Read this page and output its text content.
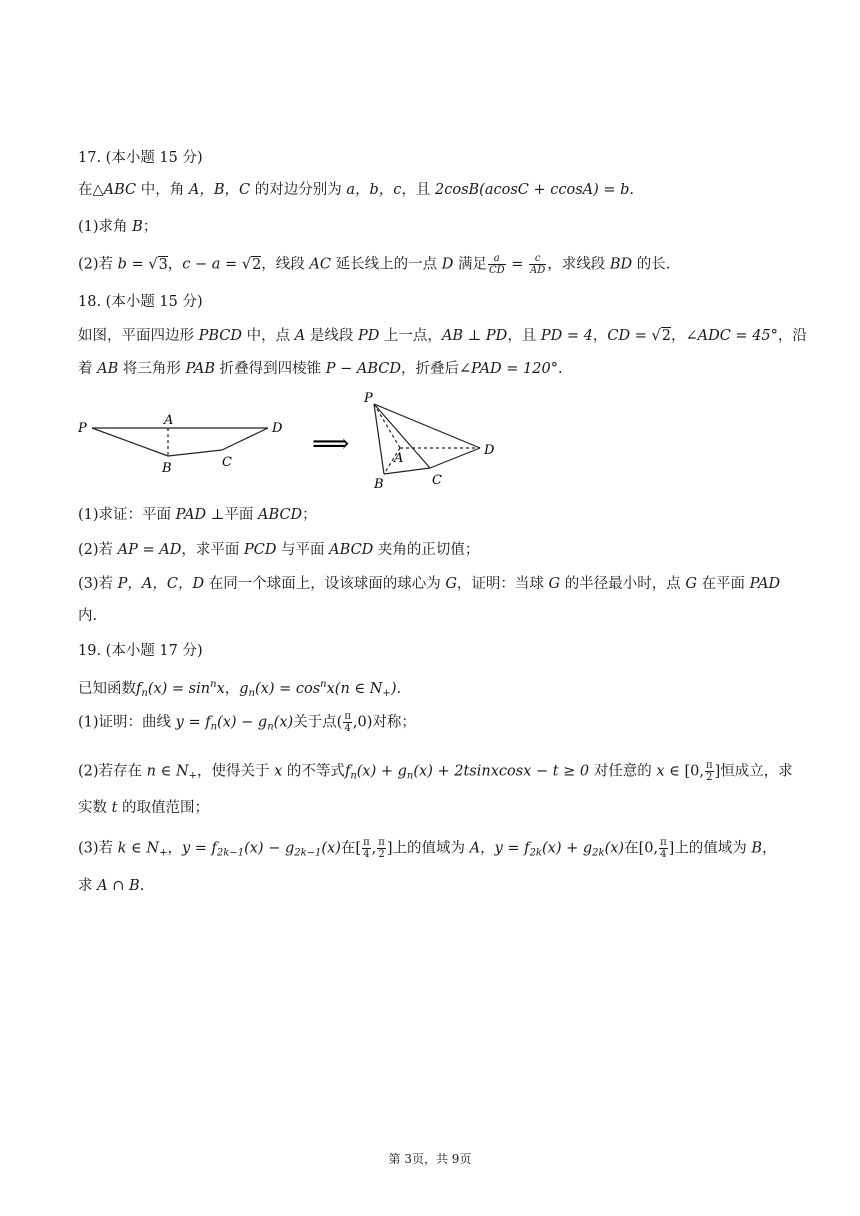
17. (本小题 15 分)
在△ABC 中，角 A，B，C 的对边分别为 a，b，c，且 2cosB(acosC + ccosA) = b.
(1)求角 B；
(2)若 b = √3，c − a = √2，线段 AC 延长线上的一点 D 满足 $\frac{a}{CD} = \frac{c}{AD}$ ，求线段 BD 的长.
18. (本小题 15 分)
如图，平面四边形 PBCD 中，点 A 是线段 PD 上一点，AB ⊥ PD，且 PD = 4，CD = √2，∠ADC = 45°，沿
着 AB 将三角形 PAB 折叠得到四棱锥 P − ABCD，折叠后∠PAD = 120°.
P
A
D
B	C
⟹
P
A
D
B	C
(1)求证：平面 PAD ⊥平面 ABCD；
(2)若 AP = AD，求平面 PCD 与平面 ABCD 夹角的正切值；
(3)若 P，A，C，D 在同一个球面上，设该球面的球心为 G，证明：当球 G 的半径最小时，点 G 在平面 PAD
内.
19. (本小题 17 分)
已知函数$f_n(x) = \sin^nx$，$g_n(x) = \cos^nx(n$ ∈ $N_+$).
(1)证明：曲线 $y = f_n(x) - g_n(x)$关于点( $\frac{\pi}{4} ,0$)对称；
(2)若存在 n ∈ $N_+$，使得关于 x 的不等式$f_n(x) + g_n(x)$ + 2tsinxcosx − t ≥ 0 对任意的 x ∈ [0, $\frac{\pi}{2}$ ]恒成立，求
实数 t 的取值范围；
(3)若 k ∈ $N_+$，$y = f_{2k-1}(x) - g_{2k-1}(x)$在[ $\frac{\pi}{4}$ , $\frac{\pi}{2}$ ]上的值域为 A，$y = f_{2k}(x) + g_{2k}(x)$在[0, $\frac{\pi}{4}$ ]上的值域为 B，
求 A ∩ B.
第 3页，共 9页
